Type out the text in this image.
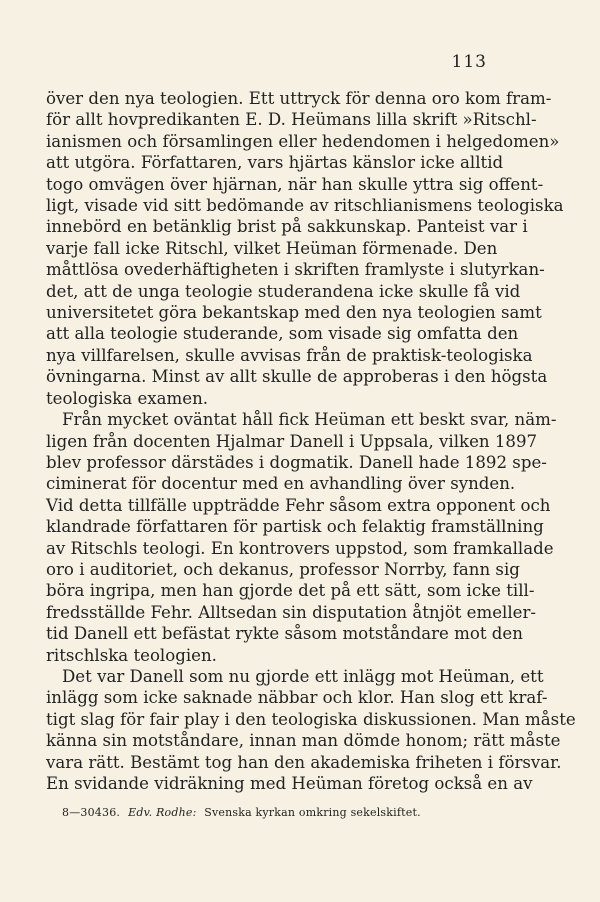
113
över den nya teologien. Ett uttryck för denna oro kom fram-
för allt hovpredikanten E. D. Heümans lilla skrift »Ritschl-
ianismen och församlingen eller hedendomen i helgedomen»
att utgöra. Författaren, vars hjärtas känslor icke alltid
togo omvägen över hjärnan, när han skulle yttra sig offent-
ligt, visade vid sitt bedömande av ritschlianismens teologiska
innebörd en betänklig brist på sakkunskap. Panteist var i
varje fall icke Ritschl, vilket Heüman förmenade. Den
måttlösa ovederhäftigheten i skriften framlyste i slutyrkan-
det, att de unga teologie studerandena icke skulle få vid
universitetet göra bekantskap med den nya teologien samt
att alla teologie studerande, som visade sig omfatta den
nya villfarelsen, skulle avvisas från de praktisk-teologiska
övningarna. Minst av allt skulle de approberas i den högsta
teologiska examen.
Från mycket oväntat håll fick Heüman ett beskt svar, näm-
ligen från docenten Hjalmar Danell i Uppsala, vilken 1897
blev professor därstädes i dogmatik. Danell hade 1892 spe-
ciminerat för docentur med en avhandling över synden.
Vid detta tillfälle uppträdde Fehr såsom extra opponent och
klandrade författaren för partisk och felaktig framställning
av Ritschls teologi. En kontrovers uppstod, som framkallade
oro i auditoriet, och dekanus, professor Norrby, fann sig
böra ingripa, men han gjorde det på ett sätt, som icke till-
fredsställde Fehr. Alltsedan sin disputation åtnjöt emeller-
tid Danell ett befästat rykte såsom motståndare mot den
ritschlska teologien.
Det var Danell som nu gjorde ett inlägg mot Heüman, ett
inlägg som icke saknade näbbar och klor. Han slog ett kraf-
tigt slag för fair play i den teologiska diskussionen. Man måste
känna sin motståndare, innan man dömde honom; rätt måste
vara rätt. Bestämt tog han den akademiska friheten i försvar.
En svidande vidräkning med Heüman företog också en av
8—30436. Edv. Rodhe: Svenska kyrkan omkring sekelskiftet.
